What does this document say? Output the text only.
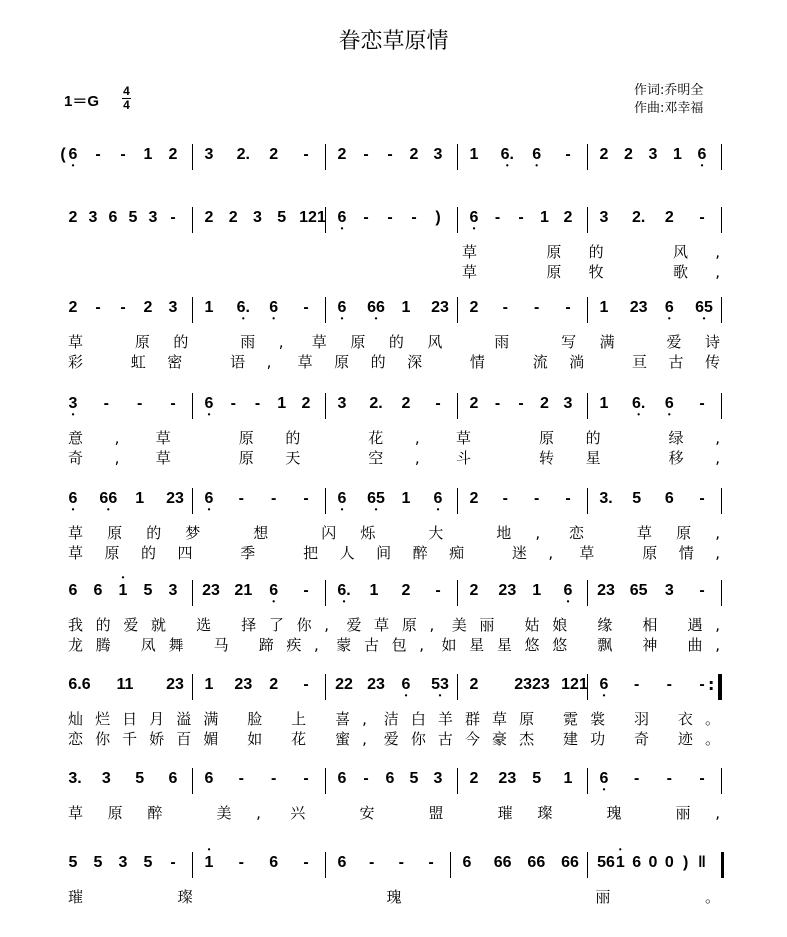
眷恋草原情
1＝G
4
4
作词:乔明全
作曲:邓幸福
( 6 • - - 1 2 3 2. 2 - 2 - - 2 3 1 6. • 6 • - 2 2 3 1 6 •
2 3 6 5 3 - 2 2 3 5 121 6 • - - - ) 6 • - - 1 2 3 2. 2 -
草　原的　风,
草　原牧　歌,
2 - - 2 3 1 6. • 6 • - 6 • 66 • 1 23 2 - - - 1 23 6 • 65 •
草 原的 雨, 草原的风 雨 写满 爱诗
彩 虹密 语, 草原的深 情 流淌 亘古传
3 • - - - 6 • - - 1 2 3 2. 2 - 2 - - 2 3 1 6. • 6 • -
意, 草 原的 花, 草 原的 绿,
奇, 草 原天 空, 斗 转星 移,
6 • 66 • 1 23 6 • - - - 6 • 65 • 1 6 • 2 - - - 3. 5 6 -
草原的梦 想 闪烁 大 地, 恋 草原,
草原的四 季 把人间醉痴 迷, 草 原情,
6 6 • 1 5 3 23 21 6 • - 6. • 1 2 - 2 23 1 6 • 23 65 3 -
我的爱就 选 择了你, 爱草原, 美丽 姑娘 缘 相 遇,
龙腾 凤舞 马 蹄疾, 蒙古包, 如星星悠悠 飘 神 曲,
6.6 11 23 1 23 2 - 22 23 6 • 53 • 2 2323 121 6 • - - - :
灿烂日月溢满 脸 上 喜, 洁白羊群草原 霓裳 羽 衣。
恋你千娇百媚 如 花 蜜, 爱你古今豪杰 建功 奇 迹。
3. 3 5 6 6 - - - 6 - 6 5 3 2 23 5 1 6 • - - -
草原醉 美, 兴 安 盟 璀璨 瑰 丽,
5 5 3 5 - • 1 - 6 - 6 - - - 6 66 66 66 56 • 1 6 0 0 ) ‖
璀璨 瑰 丽。
